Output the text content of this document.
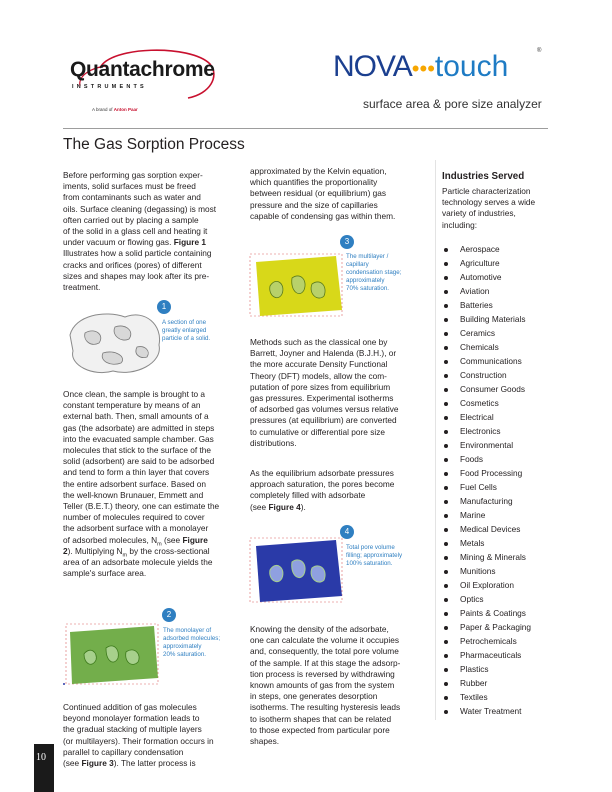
Quantachrome
INSTRUMENTS
A brand of Anton Paar
NOVA•••touch	®
surface area & pore size analyzer
The Gas Sorption Process
Before performing gas sorption exper-
iments, solid surfaces must be freed
from contaminants such as water and
oils. Surface cleaning (degassing) is most
often carried out by placing a sample
of the solid in a glass cell and heating it
under vacuum or flowing gas. Figure 1
Illustrates how a solid particle containing
cracks and orifices (pores) of different
sizes and shapes may look after its pre-
treatment.
1
A section of one
greatly enlarged
particle of a solid.
Once clean, the sample is brought to a
constant temperature by means of an
external bath. Then, small amounts of a
gas (the adsorbate) are admitted in steps
into the evacuated sample chamber. Gas
molecules that stick to the surface of the
solid (adsorbent) are said to be adsorbed
and tend to form a thin layer that covers
the entire adsorbent surface. Based on
the well-known Brunauer, Emmett and
Teller (B.E.T.) theory, one can estimate the
number of molecules required to cover
the adsorbent surface with a monolayer
of adsorbed molecules, $N_m$ (see Figure
2). Multiplying $N_m$ by the cross-sectional
area of an adsorbate molecule yields the
sample's surface area.
2
The monolayer of
adsorbed molecules;
approximately
20% saturation.
Continued addition of gas molecules
beyond monolayer formation leads to
the gradual stacking of multiple layers
(or multilayers). Their formation occurs in
parallel to capillary condensation
(see Figure 3). The latter process is
approximated by the Kelvin equation,
which quantifies the proportionality
between residual (or equilibrium) gas
pressure and the size of capillaries
capable of condensing gas within them.
3
The multilayer /
capillary
condensation stage;
approximately
70% saturation.
Methods such as the classical one by
Barrett, Joyner and Halenda (B.J.H.), or
the more accurate Density Functional
Theory (DFT) models, allow the com-
putation of pore sizes from equilibrium
gas pressures. Experimental isotherms
of adsorbed gas volumes versus relative
pressures (at equilibrium) are converted
to cumulative or differential pore size
distributions.
As the equilibrium adsorbate pressures
approach saturation, the pores become
completely filled with adsorbate
(see Figure 4).
4
Total pore volume
filling; approximately
100% saturation.
Knowing the density of the adsorbate,
one can calculate the volume it occupies
and, consequently, the total pore volume
of the sample. If at this stage the adsorp-
tion process is reversed by withdrawing
known amounts of gas from the system
in steps, one generates desorption
isotherms. The resulting hysteresis leads
to isotherm shapes that can be related
to those expected from particular pore
shapes.
Industries Served
Particle characterization
technology serves a wide
variety of industries,
including:
Aerospace
Agriculture
Automotive
Aviation
Batteries
Building Materials
Ceramics
Chemicals
Communications
Construction
Consumer Goods
Cosmetics
Electrical
Electronics
Environmental
Foods
Food Processing
Fuel Cells
Manufacturing
Marine
Medical Devices
Metals
Mining & Minerals
Munitions
Oil Exploration
Optics
Paints & Coatings
Paper & Packaging
Petrochemicals
Pharmaceuticals
Plastics
Rubber
Textiles
Water Treatment
10
